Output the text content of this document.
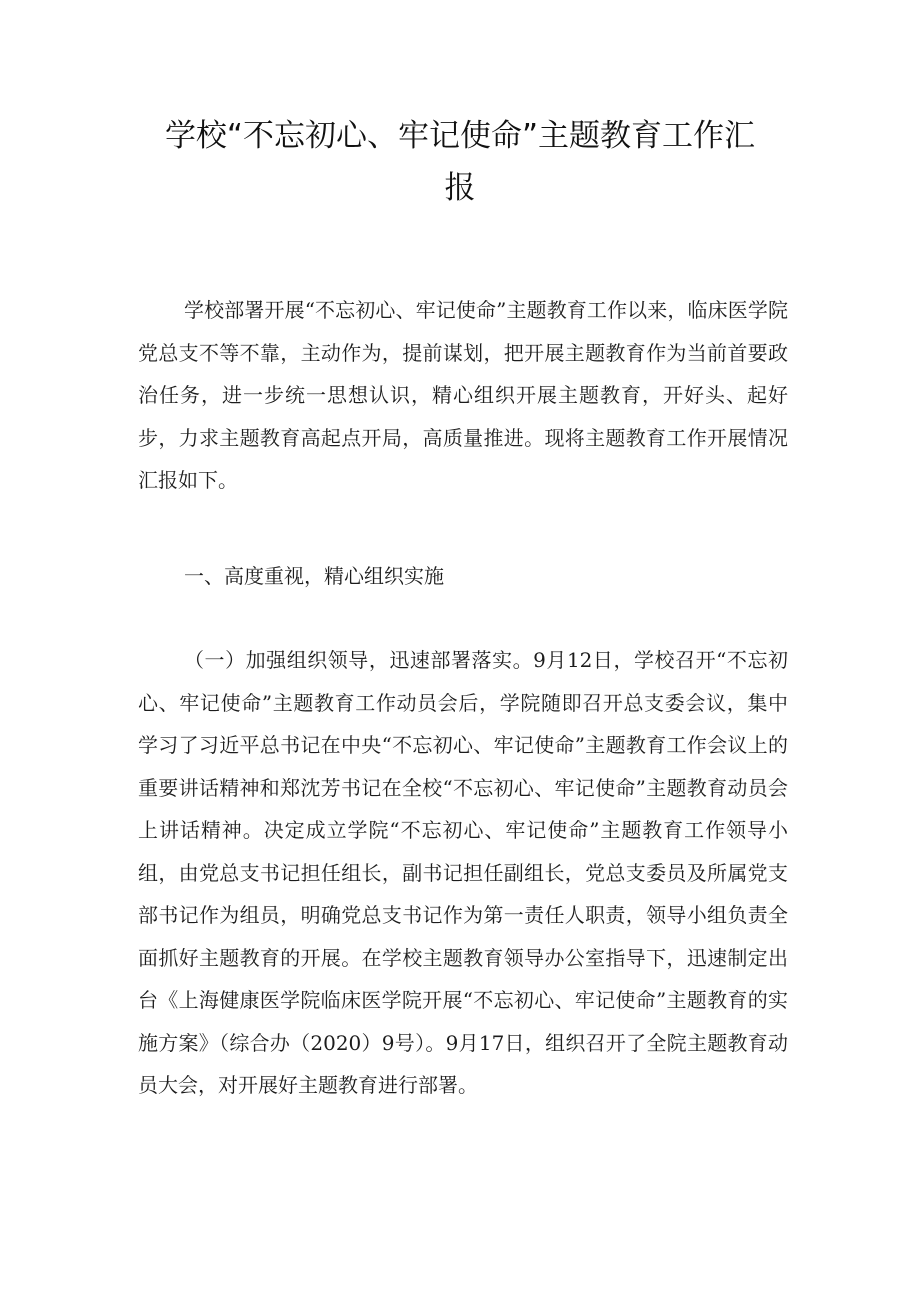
学校“不忘初心、牢记使命”主题教育工作汇报
学校部署开展“不忘初心、牢记使命”主题教育工作以来，临床医学院党总支不等不靠，主动作为，提前谋划，把开展主题教育作为当前首要政治任务，进一步统一思想认识，精心组织开展主题教育，开好头、起好步，力求主题教育高起点开局，高质量推进。现将主题教育工作开展情况汇报如下。
一、高度重视，精心组织实施
（一）加强组织领导，迅速部署落实。9月12日，学校召开“不忘初心、牢记使命”主题教育工作动员会后，学院随即召开总支委会议，集中学习了习近平总书记在中央“不忘初心、牢记使命”主题教育工作会议上的重要讲话精神和郑沈芳书记在全校“不忘初心、牢记使命”主题教育动员会上讲话精神。决定成立学院“不忘初心、牢记使命”主题教育工作领导小组，由党总支书记担任组长，副书记担任副组长，党总支委员及所属党支部书记作为组员，明确党总支书记作为第一责任人职责，领导小组负责全面抓好主题教育的开展。在学校主题教育领导办公室指导下，迅速制定出台《上海健康医学院临床医学院开展“不忘初心、牢记使命”主题教育的实施方案》（综合办（2020）9号）。9月17日，组织召开了全院主题教育动员大会，对开展好主题教育进行部署。
